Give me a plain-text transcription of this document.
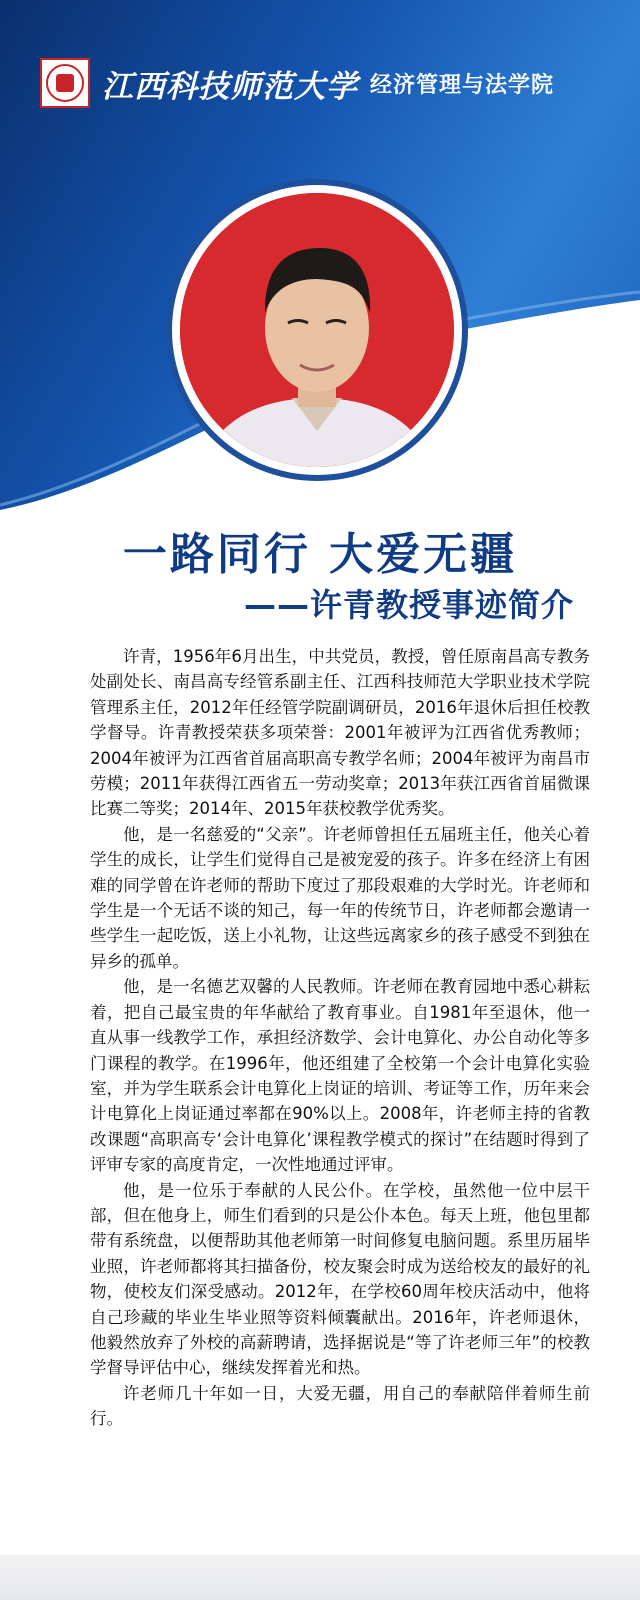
江西科技师范大学 经济管理与法学院
一路同行 大爱无疆
——许青教授事迹简介

许青，1956年6月出生，中共党员，教授，曾任原南昌高专教务处副处长、南昌高专经管系副主任、江西科技师范大学职业技术学院管理系主任，2012年任经管学院副调研员，2016年退休后担任校教学督导。许青教授荣获多项荣誉：2001年被评为江西省优秀教师；2004年被评为江西省首届高职高专教学名师；2004年被评为南昌市劳模；2011年获得江西省五一劳动奖章；2013年获江西省首届微课比赛二等奖；2014年、2015年获校教学优秀奖。

他，是一名慈爱的“父亲”。许老师曾担任五届班主任，他关心着学生的成长，让学生们觉得自己是被宠爱的孩子。许多在经济上有困难的同学曾在许老师的帮助下度过了那段艰难的大学时光。许老师和学生是一个无话不谈的知己，每一年的传统节日，许老师都会邀请一些学生一起吃饭，送上小礼物，让这些远离家乡的孩子感受不到独在异乡的孤单。

他，是一名德艺双馨的人民教师。许老师在教育园地中悉心耕耘着，把自己最宝贵的年华献给了教育事业。自1981年至退休，他一直从事一线教学工作，承担经济数学、会计电算化、办公自动化等多门课程的教学。在1996年，他还组建了全校第一个会计电算化实验室，并为学生联系会计电算化上岗证的培训、考证等工作，历年来会计电算化上岗证通过率都在90%以上。2008年，许老师主持的省教改课题“高职高专‘会计电算化’课程教学模式的探讨”在结题时得到了评审专家的高度肯定，一次性地通过评审。

他，是一位乐于奉献的人民公仆。在学校，虽然他一位中层干部，但在他身上，师生们看到的只是公仆本色。每天上班，他包里都带有系统盘，以便帮助其他老师第一时间修复电脑问题。系里历届毕业照，许老师都将其扫描备份，校友聚会时成为送给校友的最好的礼物，使校友们深受感动。2012年，在学校60周年校庆活动中，他将自己珍藏的毕业生毕业照等资料倾囊献出。2016年，许老师退休，他毅然放弃了外校的高薪聘请，选择据说是“等了许老师三年”的校教学督导评估中心，继续发挥着光和热。

许老师几十年如一日，大爱无疆，用自己的奉献陪伴着师生前行。
